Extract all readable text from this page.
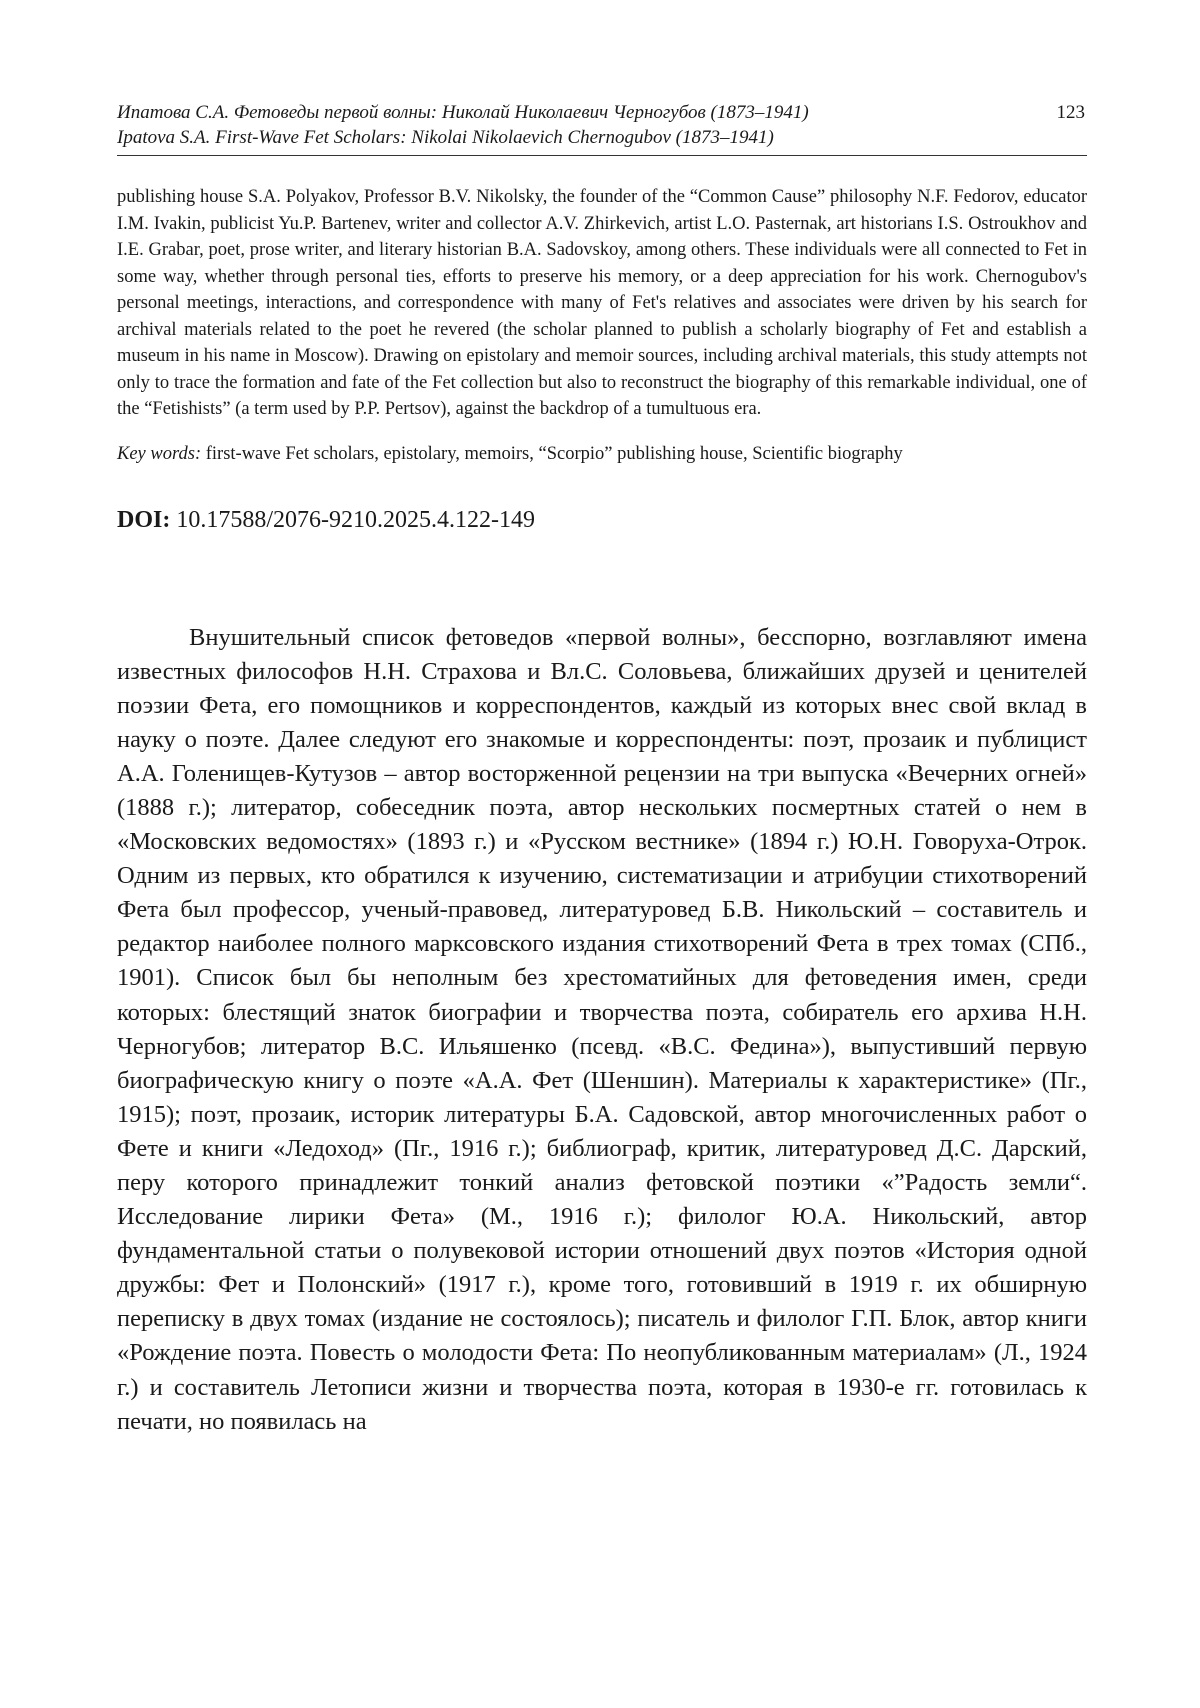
Ипатова С.А. Фетоведы первой волны: Николай Николаевич Черногубов (1873–1941)
Ipatova S.A. First-Wave Fet Scholars: Nikolai Nikolaevich Chernogubov (1873–1941)
123

publishing house S.A. Polyakov, Professor B.V. Nikolsky, the founder of the “Common Cause” philosophy N.F. Fedorov, educator I.M. Ivakin, publicist Yu.P. Bartenev, writer and collector A.V. Zhirkevich, artist L.O. Pasternak, art historians I.S. Ostroukhov and I.E. Grabar, poet, prose writer, and literary historian B.A. Sadovskoy, among others. These individuals were all connected to Fet in some way, whether through personal ties, efforts to preserve his memory, or a deep appreciation for his work. Chernogubov's personal meetings, interactions, and correspondence with many of Fet's relatives and associates were driven by his search for archival materials related to the poet he revered (the scholar planned to publish a scholarly biography of Fet and establish a museum in his name in Moscow). Drawing on epistolary and memoir sources, including archival materials, this study attempts not only to trace the formation and fate of the Fet collection but also to reconstruct the biography of this remarkable individual, one of the “Fetishists” (a term used by P.P. Pertsov), against the backdrop of a tumultuous era.

Key words: first-wave Fet scholars, epistolary, memoirs, “Scorpio” publishing house, Scientific biography

DOI: 10.17588/2076-9210.2025.4.122-149

Внушительный список фетоведов «первой волны», бесспорно, возглавляют имена известных философов Н.Н. Страхова и Вл.С. Соловьева, ближайших друзей и ценителей поэзии Фета, его помощников и корреспондентов, каждый из которых внес свой вклад в науку о поэте. Далее следуют его знакомые и корреспонденты: поэт, прозаик и публицист А.А. Голенищев-Кутузов – автор восторженной рецензии на три выпуска «Вечерних огней» (1888 г.); литератор, собеседник поэта, автор нескольких посмертных статей о нем в «Московских ведомостях» (1893 г.) и «Русском вестнике» (1894 г.) Ю.Н. Говоруха-Отрок. Одним из первых, кто обратился к изучению, систематизации и атрибуции стихотворений Фета был профессор, ученый-правовед, литературовед Б.В. Никольский – составитель и редактор наиболее полного марксовского издания стихотворений Фета в трех томах (СПб., 1901). Список был бы неполным без хрестоматийных для фетоведения имен, среди которых: блестящий знаток биографии и творчества поэта, собиратель его архива Н.Н. Черногубов; литератор В.С. Ильяшенко (псевд. «В.С. Федина»), выпустивший первую биографическую книгу о поэте «А.А. Фет (Шеншин). Материалы к характеристике» (Пг., 1915); поэт, прозаик, историк литературы Б.А. Садовской, автор многочисленных работ о Фете и книги «Ледоход» (Пг., 1916 г.); библиограф, критик, литературовед Д.С. Дарский, перу которого принадлежит тонкий анализ фетовской поэтики «”Радость земли“. Исследование лирики Фета» (М., 1916 г.); филолог Ю.А. Никольский, автор фундаментальной статьи о полувековой истории отношений двух поэтов «История одной дружбы: Фет и Полонский» (1917 г.), кроме того, готовивший в 1919 г. их обширную переписку в двух томах (издание не состоялось); писатель и филолог Г.П. Блок, автор книги «Рождение поэта. Повесть о молодости Фета: По неопубликованным материалам» (Л., 1924 г.) и составитель Летописи жизни и творчества поэта, которая в 1930-е гг. готовилась к печати, но появилась на
